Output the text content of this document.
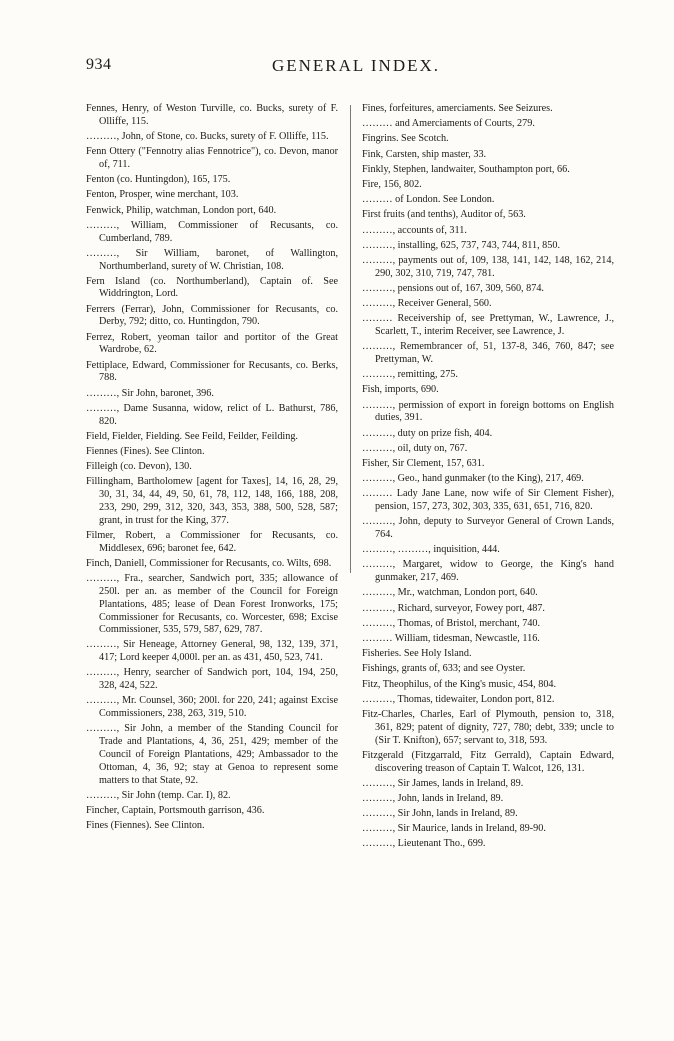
934	GENERAL INDEX.

Fennes, Henry, of Weston Turville, co. Bucks, surety of F. Olliffe, 115.

………, John, of Stone, co. Bucks, surety of F. Olliffe, 115.

Fenn Ottery ("Fennotry alias Fennotrice"), co. Devon, manor of, 711.

Fenton (co. Huntingdon), 165, 175.

Fenton, Prosper, wine merchant, 103.

Fenwick, Philip, watchman, London port, 640.

………, William, Commissioner of Recusants, co. Cumberland, 789.

………, Sir William, baronet, of Wallington, Northumberland, surety of W. Christian, 108.

Fern Island (co. Northumberland), Captain of. See Widdrington, Lord.

Ferrers (Ferrar), John, Commissioner for Recusants, co. Derby, 792; ditto, co. Huntingdon, 790.

Ferrez, Robert, yeoman tailor and portitor of the Great Wardrobe, 62.

Fettiplace, Edward, Commissioner for Recusants, co. Berks, 788.

………, Sir John, baronet, 396.

………, Dame Susanna, widow, relict of L. Bathurst, 786, 820.

Field, Fielder, Fielding. See Feild, Feilder, Feilding.

Fiennes (Fines). See Clinton.

Filleigh (co. Devon), 130.

Fillingham, Bartholomew [agent for Taxes], 14, 16, 28, 29, 30, 31, 34, 44, 49, 50, 61, 78, 112, 148, 166, 188, 208, 233, 290, 299, 312, 320, 343, 353, 388, 500, 528, 587; grant, in trust for the King, 377.

Filmer, Robert, a Commissioner for Recusants, co. Middlesex, 696; baronet fee, 642.

Finch, Daniell, Commissioner for Recusants, co. Wilts, 698.

………, Fra., searcher, Sandwich port, 335; allowance of 250l. per an. as member of the Council for Foreign Plantations, 485; lease of Dean Forest Ironworks, 175; Commissioner for Recusants, co. Worcester, 698; Excise Commissioner, 535, 579, 587, 629, 787.

………, Sir Heneage, Attorney General, 98, 132, 139, 371, 417; Lord keeper 4,000l. per an. as 431, 450, 523, 741.

………, Henry, searcher of Sandwich port, 104, 194, 250, 328, 424, 522.

………, Mr. Counsel, 360; 200l. for 220, 241; against Excise Commissioners, 238, 263, 319, 510.

………, Sir John, a member of the Standing Council for Trade and Plantations, 4, 36, 251, 429; member of the Council of Foreign Plantations, 429; Ambassador to the Ottoman, 4, 36, 92; stay at Genoa to represent some matters to that State, 92.

………, Sir John (temp. Car. I), 82.

Fincher, Captain, Portsmouth garrison, 436.

Fines (Fiennes). See Clinton.

Fines, forfeitures, amerciaments. See Seizures.

……… and Amerciaments of Courts, 279.

Fingrins. See Scotch.

Fink, Carsten, ship master, 33.

Finkly, Stephen, landwaiter, Southampton port, 66.

Fire, 156, 802.

……… of London. See London.

First fruits (and tenths), Auditor of, 563.

………, accounts of, 311.

………, installing, 625, 737, 743, 744, 811, 850.

………, payments out of, 109, 138, 141, 142, 148, 162, 214, 290, 302, 310, 719, 747, 781.

………, pensions out of, 167, 309, 560, 874.

………, Receiver General, 560.

……… Receivership of, see Prettyman, W., Lawrence, J., Scarlett, T., interim Receiver, see Lawrence, J.

………, Remembrancer of, 51, 137-8, 346, 760, 847; see Prettyman, W.

………, remitting, 275.

Fish, imports, 690.

………, permission of export in foreign bottoms on English duties, 391.

………, duty on prize fish, 404.

………, oil, duty on, 767.

Fisher, Sir Clement, 157, 631.

………, Geo., hand gunmaker (to the King), 217, 469.

……… Lady Jane Lane, now wife of Sir Clement Fisher), pension, 157, 273, 302, 303, 335, 631, 651, 716, 820.

………, John, deputy to Surveyor General of Crown Lands, 764.

………, ………, inquisition, 444.

………, Margaret, widow to George, the King's hand gunmaker, 217, 469.

………, Mr., watchman, London port, 640.

………, Richard, surveyor, Fowey port, 487.

………, Thomas, of Bristol, merchant, 740.

……… William, tidesman, Newcastle, 116.

Fisheries. See Holy Island.

Fishings, grants of, 633; and see Oyster.

Fitz, Theophilus, of the King's music, 454, 804.

………, Thomas, tidewaiter, London port, 812.

Fitz-Charles, Charles, Earl of Plymouth, pension to, 318, 361, 829; patent of dignity, 727, 780; debt, 339; uncle to (Sir T. Knifton), 657; servant to, 318, 593.

Fitzgerald (Fitzgarrald, Fitz Gerrald), Captain Edward, discovering treason of Captain T. Walcot, 126, 131.

………, Sir James, lands in Ireland, 89.

………, John, lands in Ireland, 89.

………, Sir John, lands in Ireland, 89.

………, Sir Maurice, lands in Ireland, 89-90.

………, Lieutenant Tho., 699.
